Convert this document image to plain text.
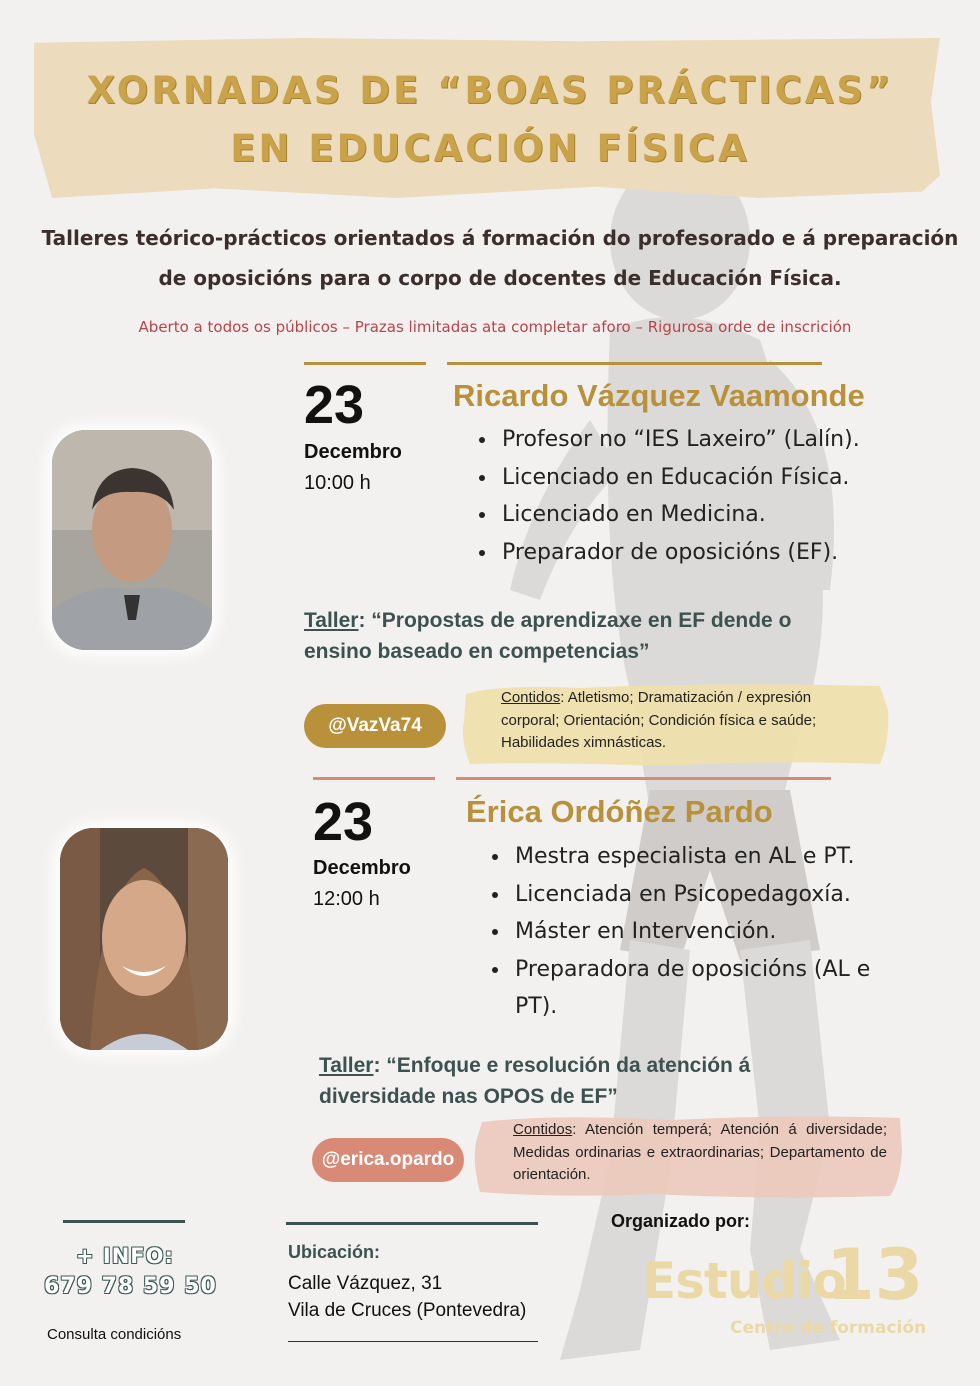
XORNADAS DE “BOAS PRÁCTICAS” EN EDUCACIÓN FÍSICA
Talleres teórico-prácticos orientados á formación do profesorado e á preparación de oposicións para o corpo de docentes de Educación Física.
Aberto a todos os públicos – Prazas limitadas ata completar aforo – Rigurosa orde de inscrición
23
Decembro
10:00 h
Ricardo Vázquez Vaamonde
• Profesor no “IES Laxeiro” (Lalín).
• Licenciado en Educación Física.
• Licenciado en Medicina.
• Preparador de oposicións (EF).
Taller: “Propostas de aprendizaxe en EF dende o ensino baseado en competencias”
@VazVa74
Contidos: Atletismo; Dramatización / expresión corporal; Orientación; Condición física e saúde; Habilidades ximnásticas.
23
Decembro
12:00 h
Érica Ordóñez Pardo
• Mestra especialista en AL e PT.
• Licenciada en Psicopedagoxía.
• Máster en Intervención.
• Preparadora de oposicións (AL e PT).
Taller: “Enfoque e resolución da atención á diversidade nas OPOS de EF”
@erica.opardo
Contidos: Atención temperá; Atención á diversidade; Medidas ordinarias e extraordinarias; Departamento de orientación.
+ INFO:
679 78 59 50
Consulta condicións
Ubicación:
Calle Vázquez, 31
Vila de Cruces (Pontevedra)
Organizado por:
Estudio
13
Centro de formación
